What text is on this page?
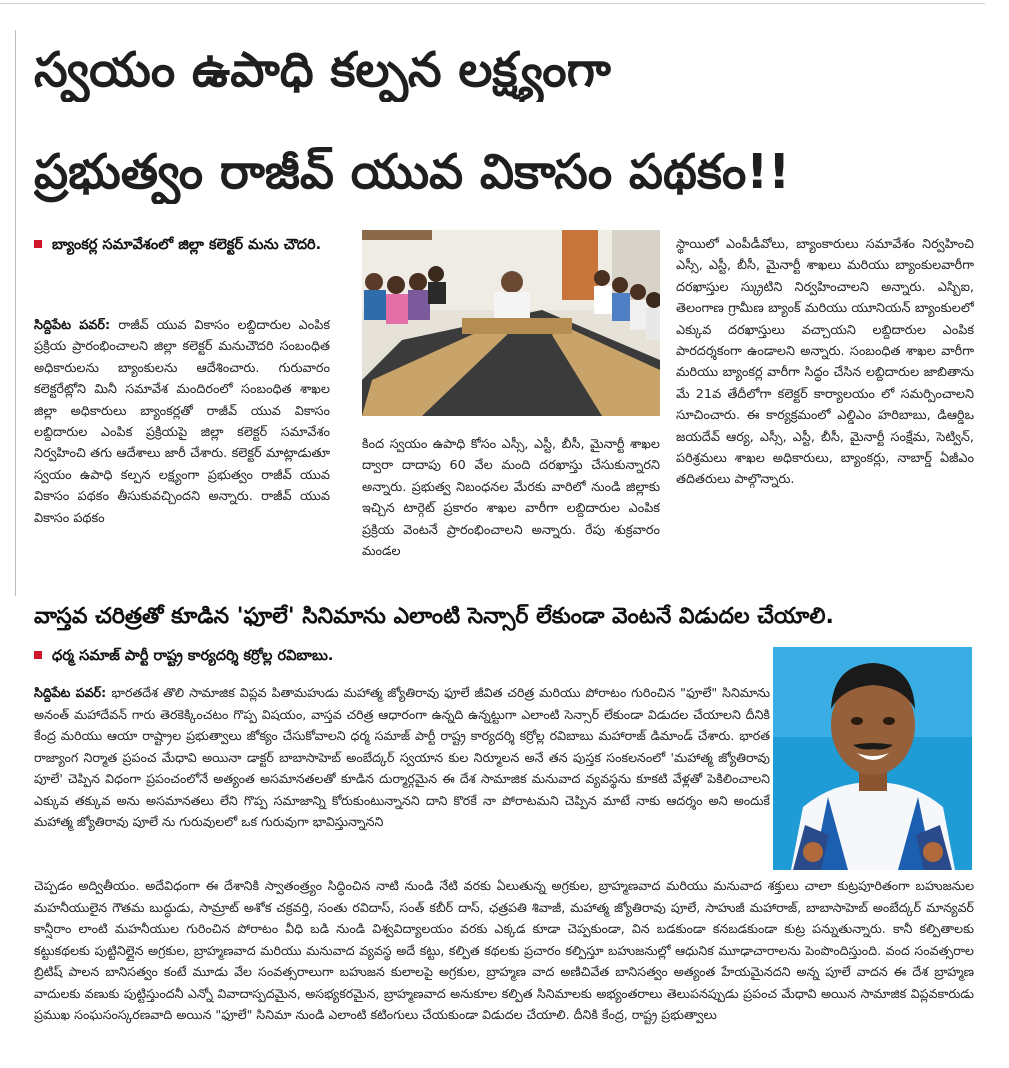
స్వయం ఉపాధి కల్పన లక్ష్యంగా
ప్రభుత్వం రాజీవ్ యువ వికాసం పథకం!!
బ్యాంకర్ల సమావేశంలో జిల్లా కలెక్టర్ మను చౌదరి.
సిద్దిపేట పవర్: రాజీవ్ యువ వికాసం లబ్దిదారుల ఎంపిక ప్రక్రియ ప్రారంభించాలని జిల్లా కలెక్టర్ మనుచౌదరి సంబంధిత అధికారులను బ్యాంకులను ఆదేశించారు. గురువారం కలెక్టరేట్లోని మినీ సమావేశ మందిరంలో సంబంధిత శాఖల జిల్లా అధికారులు బ్యాంకర్లతో రాజీవ్ యువ వికాసం లబ్దిదారుల ఎంపిక ప్రక్రియపై జిల్లా కలెక్టర్ సమావేశం నిర్వహించి తగు ఆదేశాలు జారీ చేశారు. కలెక్టర్ మాట్లాడుతూ స్వయం ఉపాధి కల్పన లక్ష్యంగా ప్రభుత్వం రాజీవ్ యువ వికాసం పథకం తీసుకువచ్చిందని అన్నారు. రాజీవ్ యువ వికాసం పథకం
కింద స్వయం ఉపాధి కోసం ఎస్సీ, ఎస్టీ, బీసీ, మైనార్టీ శాఖల ద్వారా దాదాపు 60 వేల మంది దరఖాస్తు చేసుకున్నారని అన్నారు. ప్రభుత్వ నిబంధనల మేరకు వారిలో నుండి జిల్లాకు ఇచ్చిన టార్గెట్ ప్రకారం శాఖల వారీగా లబ్దిదారుల ఎంపిక ప్రక్రియ వెంటనే ప్రారంభించాలని అన్నారు. రేపు శుక్రవారం మండల
స్థాయిలో ఎంపీడీవోలు, బ్యాంకారులు సమావేశం నిర్వహించి ఎస్సీ, ఎస్టీ, బీసీ, మైనార్టీ శాఖలు మరియు బ్యాంకులవారీగా దరఖాస్తుల స్క్రుటిని నిర్వహించాలని అన్నారు. ఎస్బిఐ, తెలంగాణ గ్రామీణ బ్యాంక్ మరియు యూనియన్ బ్యాంకులలో ఎక్కువ దరఖాస్తులు వచ్చాయని లబ్దిదారుల ఎంపిక పారదర్శకంగా ఉండాలని అన్నారు. సంబంధిత శాఖల వారీగా మరియు బ్యాంకర్ల వారీగా సిద్ధం చేసిన లబ్దిదారుల జాబితాను మే 21వ తేదీలోగా కలెక్టర్ కార్యాలయం లో సమర్పించాలని సూచించారు. ఈ కార్యక్రమంలో ఎల్డిఎం హరిబాబు, డిఆర్డిఒ జయదేవ్ ఆర్య, ఎస్సీ, ఎస్టీ, బీసీ, మైనార్టీ సంక్షేమ, సెట్విన్, పరిశ్రమలు శాఖల అధికారులు, బ్యాంకర్లు, నాబార్డ్ ఏజీఎం తదితరులు పాల్గొన్నారు.
వాస్తవ చరిత్రతో కూడిన 'ఫూలే' సినిమాను ఎలాంటి సెన్సార్ లేకుండా వెంటనే విడుదల చేయాలి.
ధర్మ సమాజ్ పార్టీ రాష్ట్ర కార్యదర్శి కర్రోల్ల రవిబాబు.
సిద్దిపేట పవర్: భారతదేశ తొలి సామాజిక విప్లవ పితామహుడు మహాత్మ జ్యోతిరావు ఫూలే జీవిత చరిత్ర మరియు పోరాటం గురించిన "ఫూలే" సినిమాను అనంత్ మహాదేవన్ గారు తెరకెక్కించటం గొప్ప విషయం, వాస్తవ చరిత్ర ఆధారంగా ఉన్నది ఉన్నట్టుగా ఎలాంటి సెన్సార్ లేకుండా విడుదల చేయాలని దీనికి కేంద్ర మరియు ఆయా రాష్ట్రాల ప్రభుత్వాలు జోక్యం చేసుకోవాలని ధర్మ సమాజ్ పార్టీ రాష్ట్ర కార్యదర్శి కర్రోల్ల రవిబాబు మహారాజ్ డిమాండ్ చేశారు. భారత రాజ్యాంగ నిర్మాత ప్రపంచ మేధావి అయినా డాక్టర్ బాబాసాహెబ్ అంబేద్కర్ స్వయాన కుల నిర్మూలన అనే తన పుస్తక సంకలనంలో 'మహాత్మ జ్యోతిరావు పూలే' చెప్పిన విధంగా ప్రపంచంలోనే అత్యంత అసమానతలతో కూడిన దుర్మార్గమైన ఈ దేశ సామాజిక మనువాద వ్యవస్థను కూకటి వేళ్లతో పెకిలించాలని ఎక్కువ తక్కువ అను అసమానతలు లేని గొప్ప సమాజాన్ని కోరుకుంటున్నానని దాని కొరకే నా పోరాటమని చెప్పిన మాటే నాకు ఆదర్శం అని అందుకే మహాత్మ జ్యోతిరావు పూలే ను గురువులలో ఒక గురువుగా భావిస్తున్నానని
చెప్పడం అద్వితీయం. అదేవిధంగా ఈ దేశానికి స్వాతంత్ర్యం సిద్ధించిన నాటి నుండి నేటి వరకు ఏలుతున్న అగ్రకుల, బ్రాహ్మణవాద మరియు మనువాద శక్తులు చాలా కుట్రపూరితంగా బహుజనుల మహనీయులైన గౌతమ బుద్ధుడు, సామ్రాట్ అశోక చక్రవర్తి, సంతు రవిదాస్, సంత్ కబీర్ దాస్, ఛత్రపతి శివాజీ, మహాత్మ జ్యోతిరావు పూలే, సాహుజీ మహారాజ్, బాబాసాహెబ్ అంబేద్కర్ మాన్యవర్ కాన్షీరాం లాంటి మహనీయుల గురించిన పోరాటం వీధి బడి నుండి విశ్వవిద్యాలయం వరకు ఎక్కడ కూడా చెప్పకుండా, విన బడకుండా కనబడకుండా కుట్ర పన్నుతున్నారు. కానీ కల్పితాలకు కట్టుకథలకు పుట్టినిల్లైన అగ్రకుల, బ్రాహ్మణవాద మరియు మనువాద వ్యవస్థ అదే కట్టు, కల్పిత కథలకు ప్రచారం కల్పిస్తూ బహుజనుల్లో ఆధునిక మూఢాచారాలను పెంపొందిస్తుంది. వంద సంవత్సరాల బ్రిటిష్ పాలన బానిసత్వం కంటే మూడు వేల సంవత్సరాలుగా బహుజన కులాలపై అగ్రకుల, బ్రాహ్మణ వాద అణిచివేత బానిసత్వం అత్యంత హేయమైనదని అన్న పూలే వాదన ఈ దేశ బ్రాహ్మణ వాదులకు వణుకు పుట్టిస్తుందనీ ఎన్నో వివాదాస్పదమైన, అసభ్యకరమైన, బ్రాహ్మణవాద అనుకూల కల్పిత సినిమాలకు అభ్యంతరాలు తెలుపనప్పుడు ప్రపంచ మేధావి అయిన సామాజిక విప్లవకారుడు ప్రముఖ సంఘసంస్కరణవాది అయిన "ఫూలే" సినిమా నుండి ఎలాంటి కటింగులు చేయకుండా విడుదల చేయాలి. దీనికి కేంద్ర, రాష్ట్ర ప్రభుత్వాలు
